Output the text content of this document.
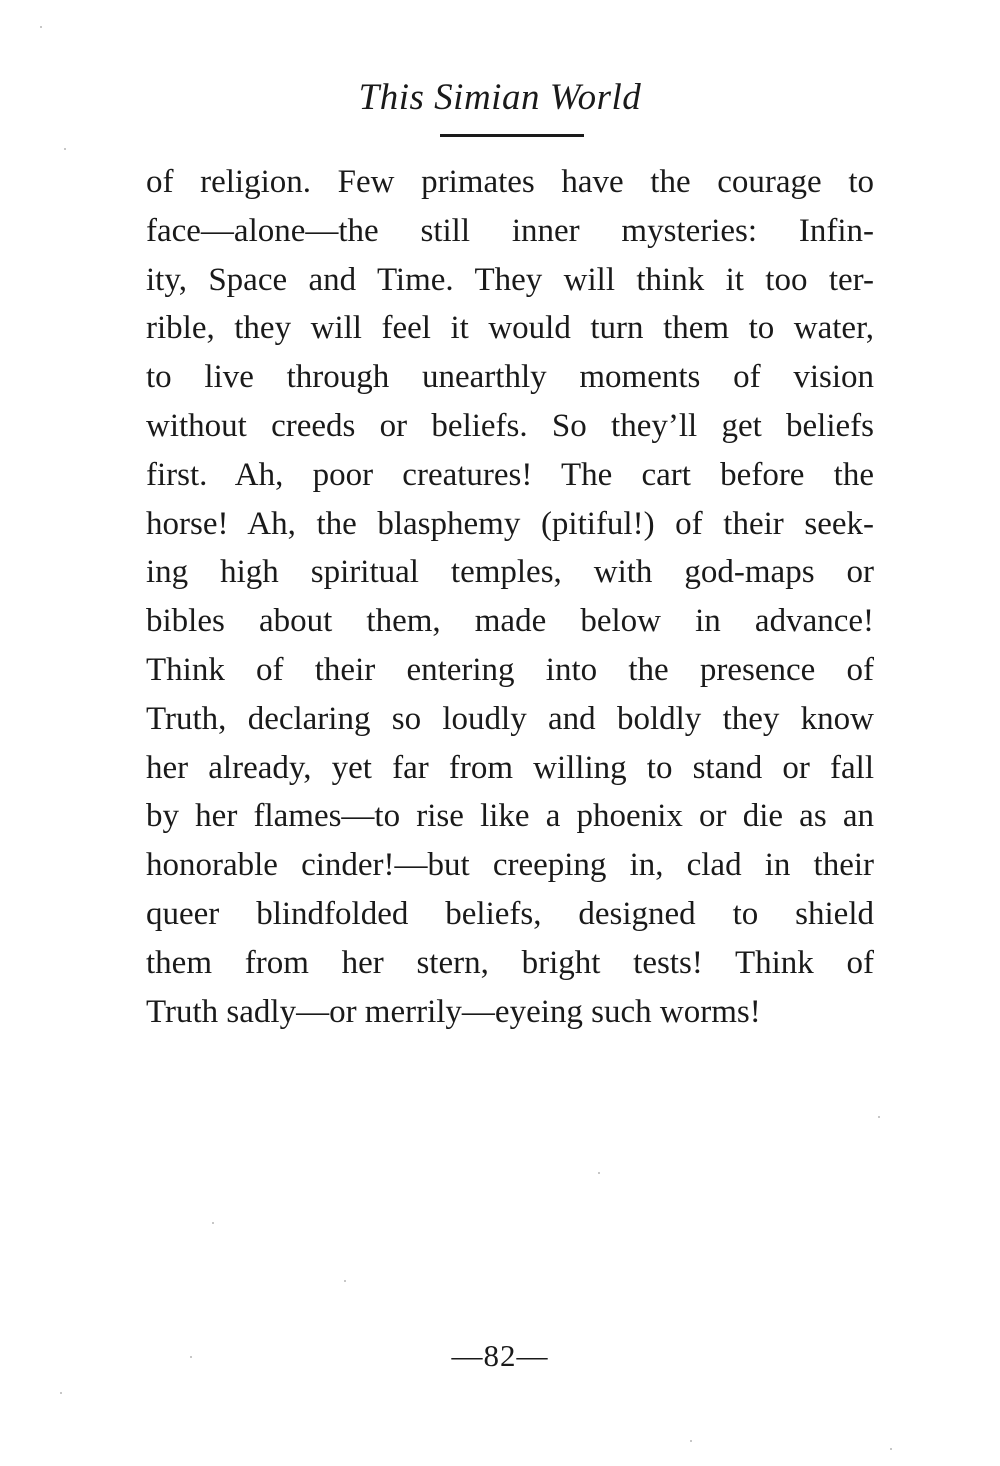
This Simian World
of religion. Few primates have the courage to
face—alone—the still inner mysteries: Infin-
ity, Space and Time. They will think it too ter-
rible, they will feel it would turn them to water,
to live through unearthly moments of vision
without creeds or beliefs. So they’ll get beliefs
first. Ah, poor creatures! The cart before the
horse! Ah, the blasphemy (pitiful!) of their seek-
ing high spiritual temples, with god-maps or
bibles about them, made below in advance!
Think of their entering into the presence of
Truth, declaring so loudly and boldly they know
her already, yet far from willing to stand or fall
by her flames—to rise like a phoenix or die as an
honorable cinder!—but creeping in, clad in their
queer blindfolded beliefs, designed to shield
them from her stern, bright tests! Think of
Truth sadly—or merrily—eyeing such worms!
—82—
